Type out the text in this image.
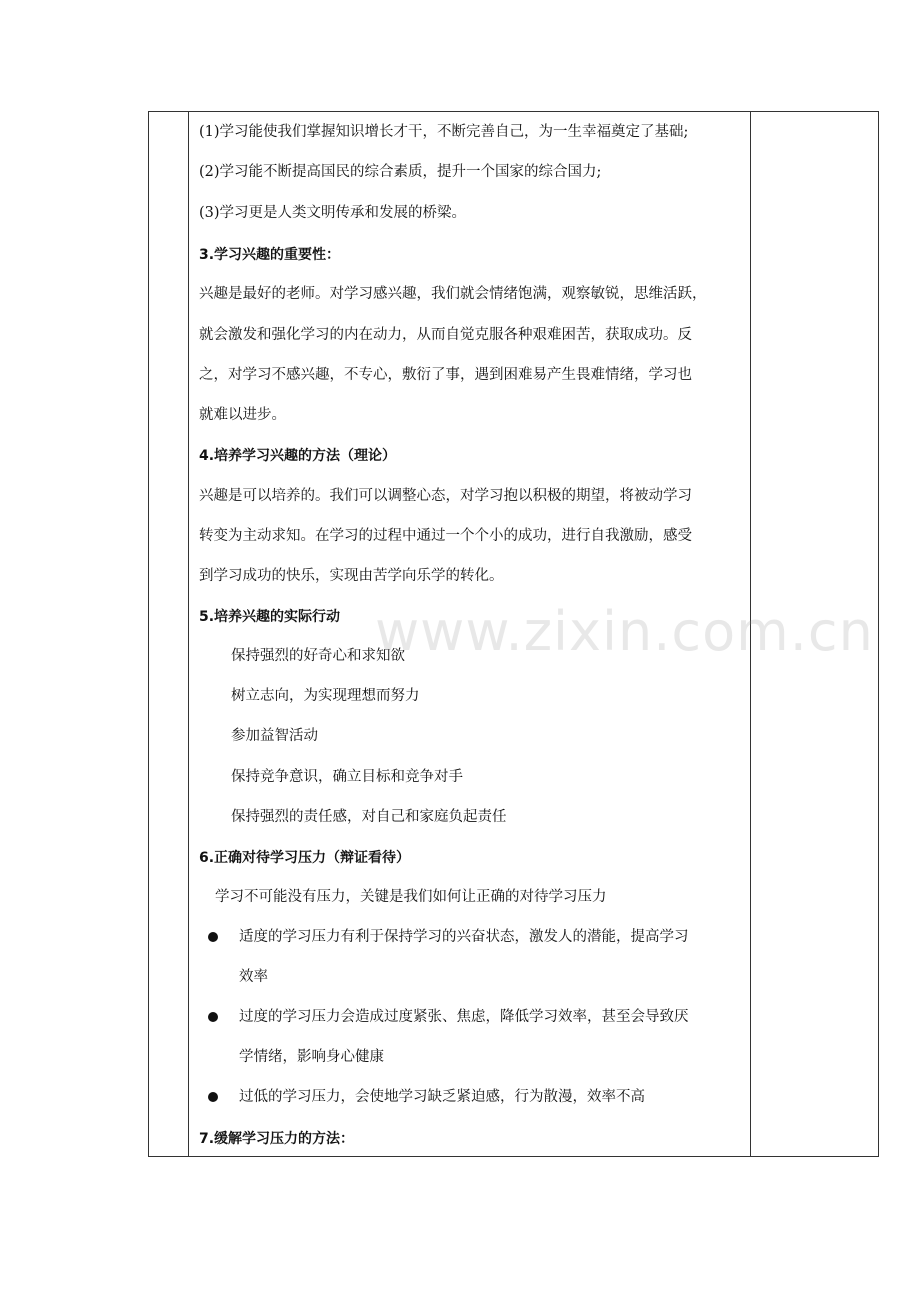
(1)学习能使我们掌握知识增长才干，不断完善自己，为一生幸福奠定了基础;
(2)学习能不断提高国民的综合素质，提升一个国家的综合国力;
(3)学习更是人类文明传承和发展的桥梁。
3.学习兴趣的重要性：
兴趣是最好的老师。对学习感兴趣，我们就会情绪饱满，观察敏锐，思维活跃，
就会激发和强化学习的内在动力，从而自觉克服各种艰难困苦，获取成功。反
之，对学习不感兴趣，不专心，敷衍了事，遇到困难易产生畏难情绪，学习也
就难以进步。
4.培养学习兴趣的方法（理论）
兴趣是可以培养的。我们可以调整心态，对学习抱以积极的期望，将被动学习
转变为主动求知。在学习的过程中通过一个个小的成功，进行自我激励，感受
到学习成功的快乐，实现由苦学向乐学的转化。
5.培养兴趣的实际行动
保持强烈的好奇心和求知欲
树立志向，为实现理想而努力
参加益智活动
保持竞争意识，确立目标和竞争对手
保持强烈的责任感，对自己和家庭负起责任
6.正确对待学习压力（辩证看待）
学习不可能没有压力，关键是我们如何让正确的对待学习压力
适度的学习压力有利于保持学习的兴奋状态，激发人的潜能，提高学习
效率
过度的学习压力会造成过度紧张、焦虑，降低学习效率，甚至会导致厌
学情绪，影响身心健康
过低的学习压力，会使地学习缺乏紧迫感，行为散漫，效率不高
7.缓解学习压力的方法：
www.zixin.com.cn
